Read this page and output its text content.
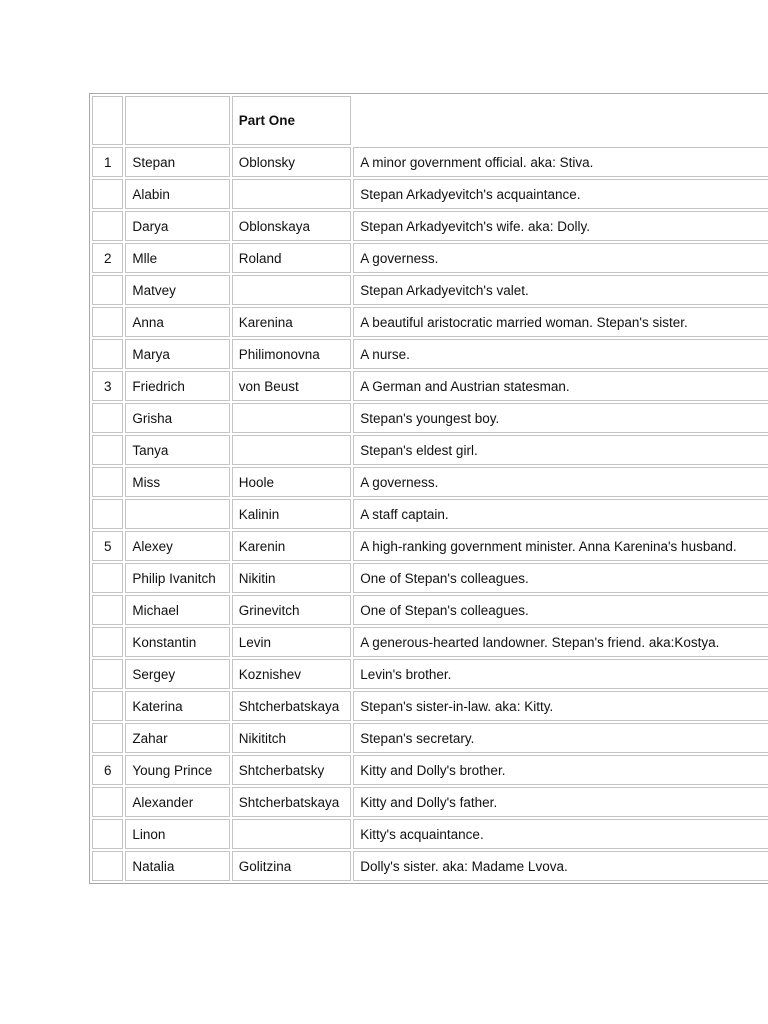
		Part One	
1	Stepan	Oblonsky	A minor government official. aka: Stiva.
	Alabin		Stepan Arkadyevitch's acquaintance.
	Darya	Oblonskaya	Stepan Arkadyevitch's wife. aka: Dolly.
2	Mlle	Roland	A governess.
	Matvey		Stepan Arkadyevitch's valet.
	Anna	Karenina	A beautiful aristocratic married woman. Stepan's sister.
	Marya	Philimonovna	A nurse.
3	Friedrich	von Beust	A German and Austrian statesman.
	Grisha		Stepan's youngest boy.
	Tanya		Stepan's eldest girl.
	Miss	Hoole	A governess.
		Kalinin	A staff captain.
5	Alexey	Karenin	A high-ranking government minister. Anna Karenina's husband.
	Philip Ivanitch	Nikitin	One of Stepan's colleagues.
	Michael	Grinevitch	One of Stepan's colleagues.
	Konstantin	Levin	A generous-hearted landowner. Stepan's friend. aka:Kostya.
	Sergey	Koznishev	Levin's brother.
	Katerina	Shtcherbatskaya	Stepan's sister-in-law. aka: Kitty.
	Zahar	Nikititch	Stepan's secretary.
6	Young Prince	Shtcherbatsky	Kitty and Dolly's brother.
	Alexander	Shtcherbatskaya	Kitty and Dolly's father.
	Linon		Kitty's acquaintance.
	Natalia	Golitzina	Dolly's sister. aka: Madame Lvova.
